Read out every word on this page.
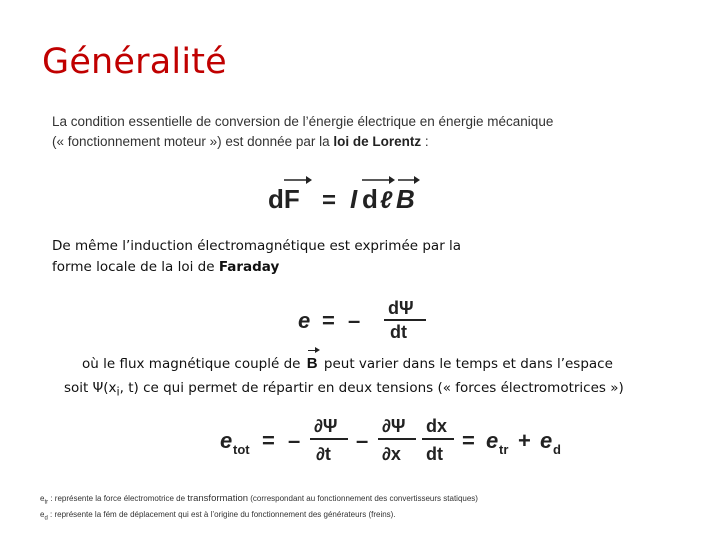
Généralité
La condition essentielle de conversion de l’énergie électrique en énergie mécanique
(« fonctionnement moteur ») est donnée par la loi de Lorentz :
dF = I d ℓ B
De même l’induction électromagnétique est exprimée par la
forme locale de la loi de Faraday
e = – dΨ
dt
où le flux magnétique couplé de B peut varier dans le temps et dans l’espace
soit $\Psi(x_i$, t) ce qui permet de répartir en deux tensions (« forces électromotrices »)
e tot = –
∂Ψ
∂t
–
∂Ψ
∂x
dx
dt
= e tr + e d
$e_{tr}$ : représente la force électromotrice de transformation (correspondant au fonctionnement des convertisseurs statiques)
$e_d$ : représente la fém de déplacement qui est à l’origine du fonctionnement des générateurs (freins).
